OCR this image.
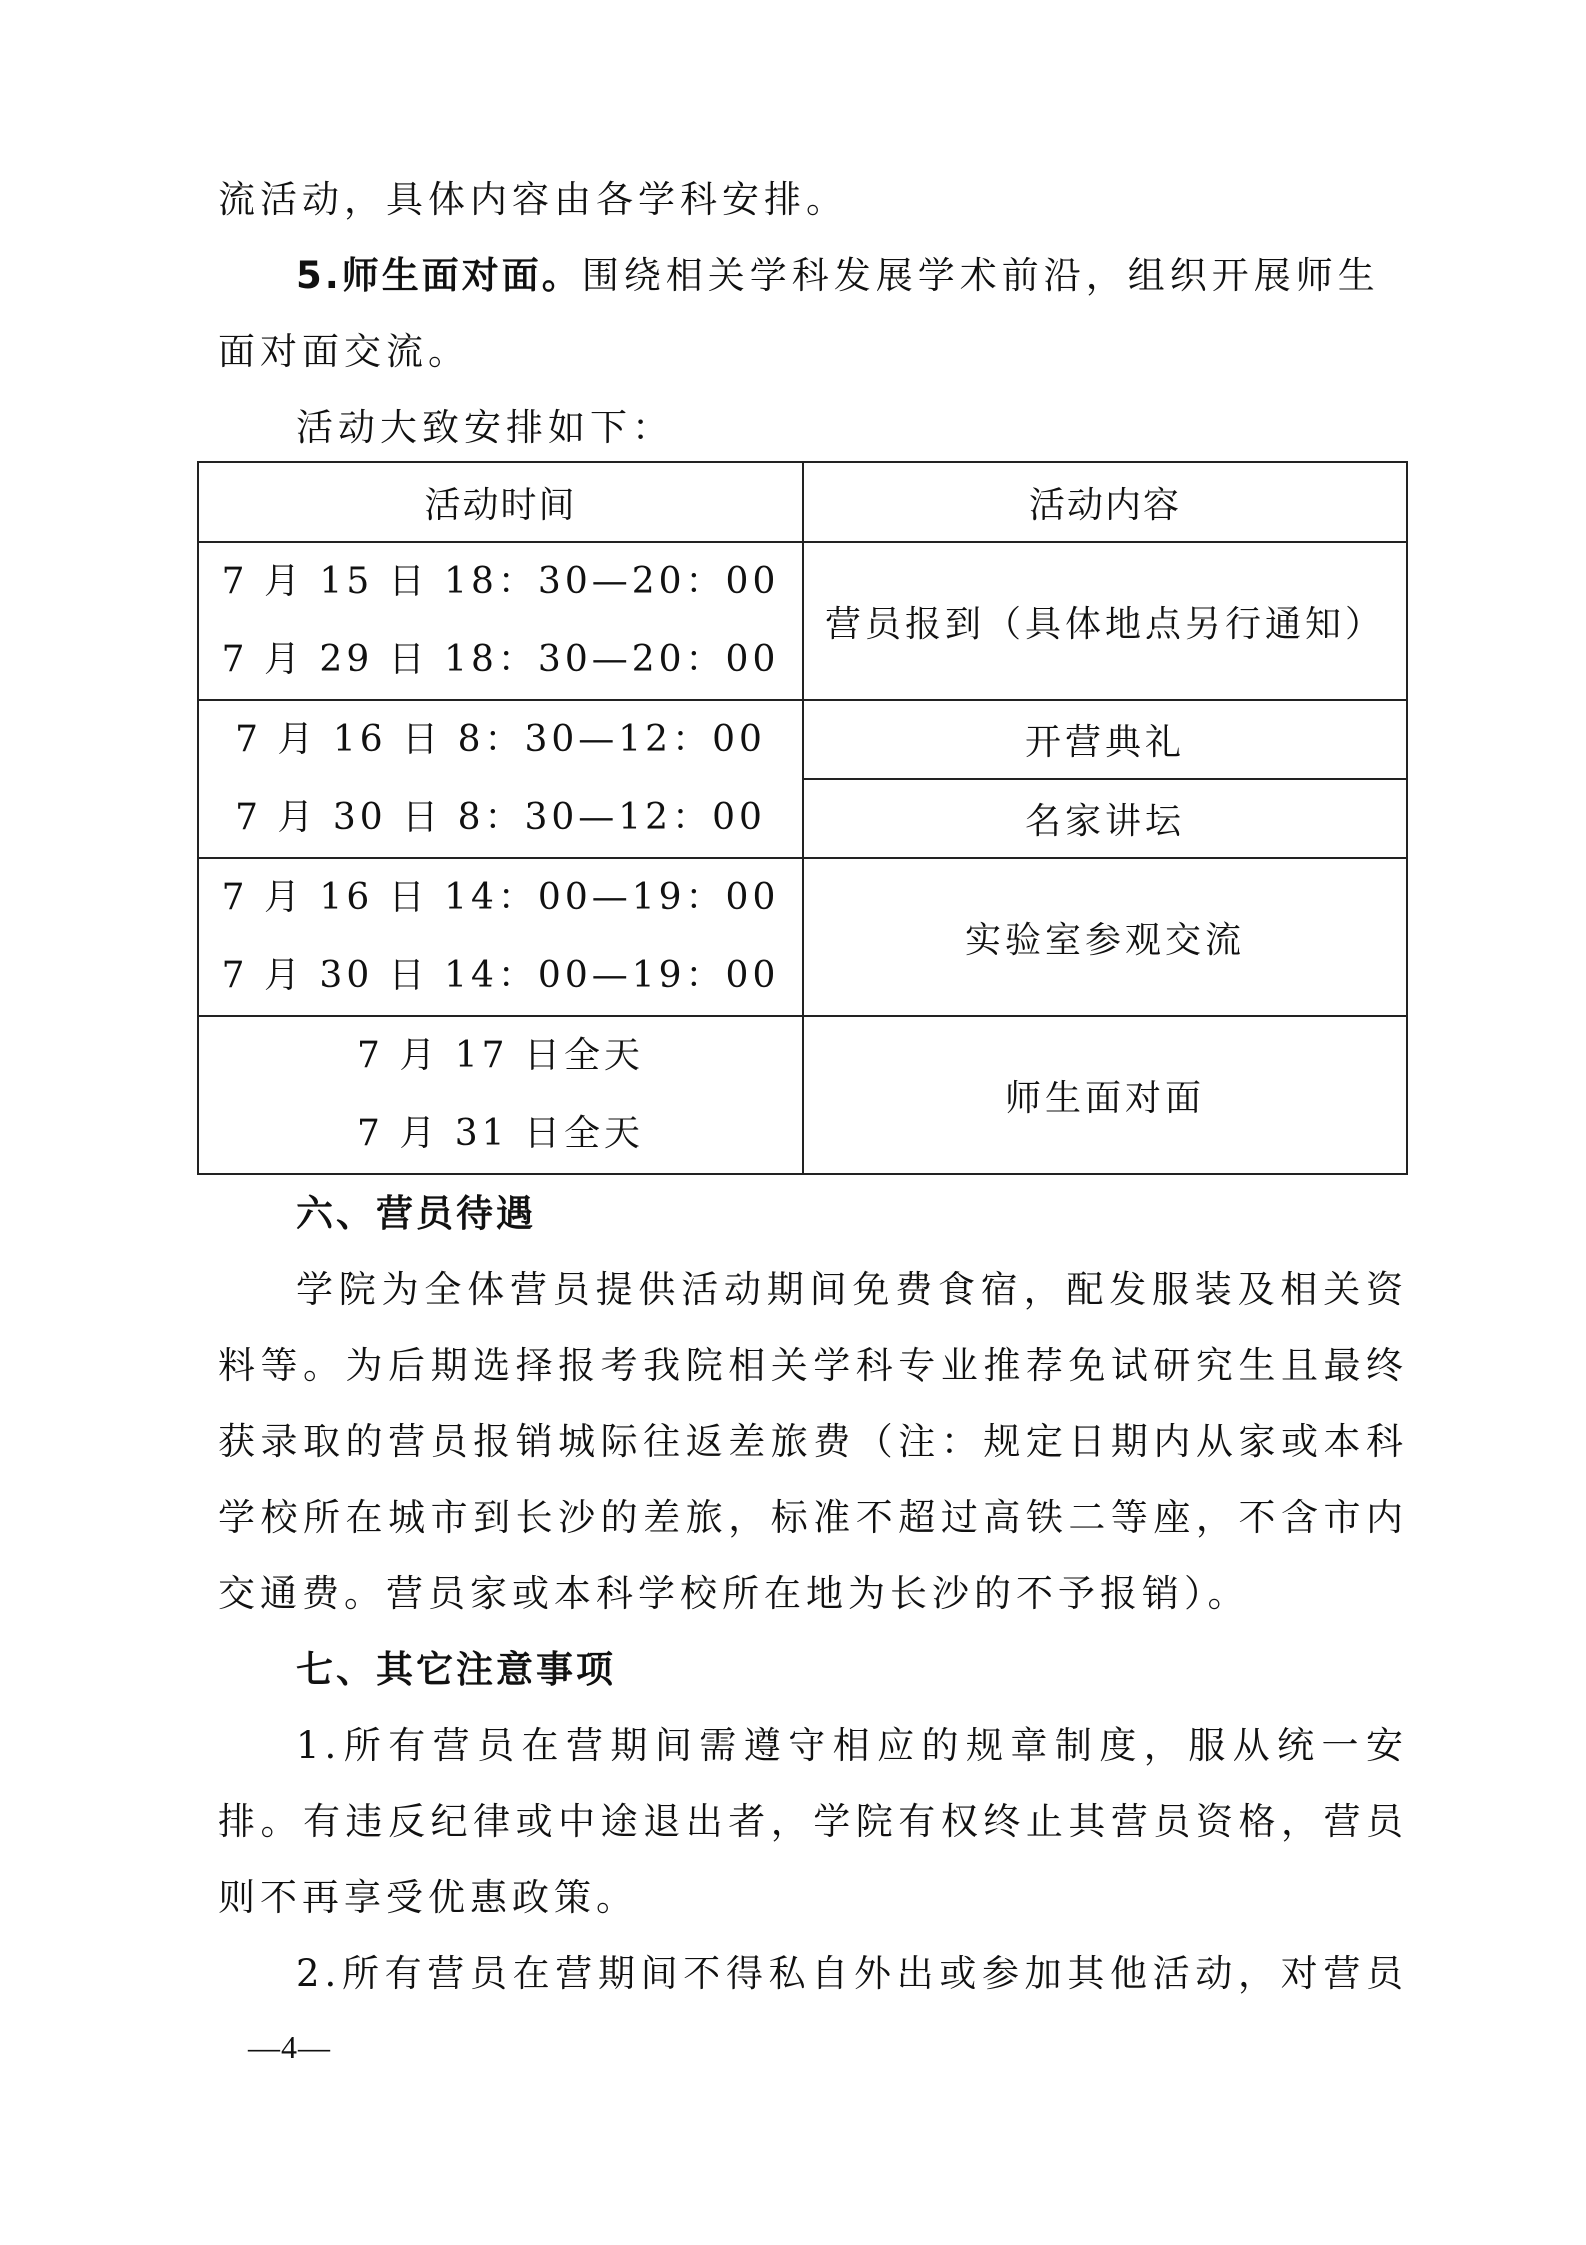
流活动，具体内容由各学科安排。
5.师生面对面。围绕相关学科发展学术前沿，组织开展师生
面对面交流。
活动大致安排如下：
活动时间	活动内容

7 月 15 日 18：30—20：00
7 月 29 日 18：30—20：00	营员报到（具体地点另行通知）

7 月 16 日 8：30—12：00
7 月 30 日 8：30—12：00	开营典礼
	名家讲坛

7 月 16 日 14：00—19：00
7 月 30 日 14：00—19：00	实验室参观交流

7 月 17 日全天
7 月 31 日全天	师生面对面
六、营员待遇
学院为全体营员提供活动期间免费食宿，配发服装及相关资
料等。为后期选择报考我院相关学科专业推荐免试研究生且最终
获录取的营员报销城际往返差旅费（注：规定日期内从家或本科
学校所在城市到长沙的差旅，标准不超过高铁二等座，不含市内
交通费。营员家或本科学校所在地为长沙的不予报销）。
七、其它注意事项
1.所有营员在营期间需遵守相应的规章制度，服从统一安
排。有违反纪律或中途退出者，学院有权终止其营员资格，营员
则不再享受优惠政策。
2.所有营员在营期间不得私自外出或参加其他活动，对营员
—4—
